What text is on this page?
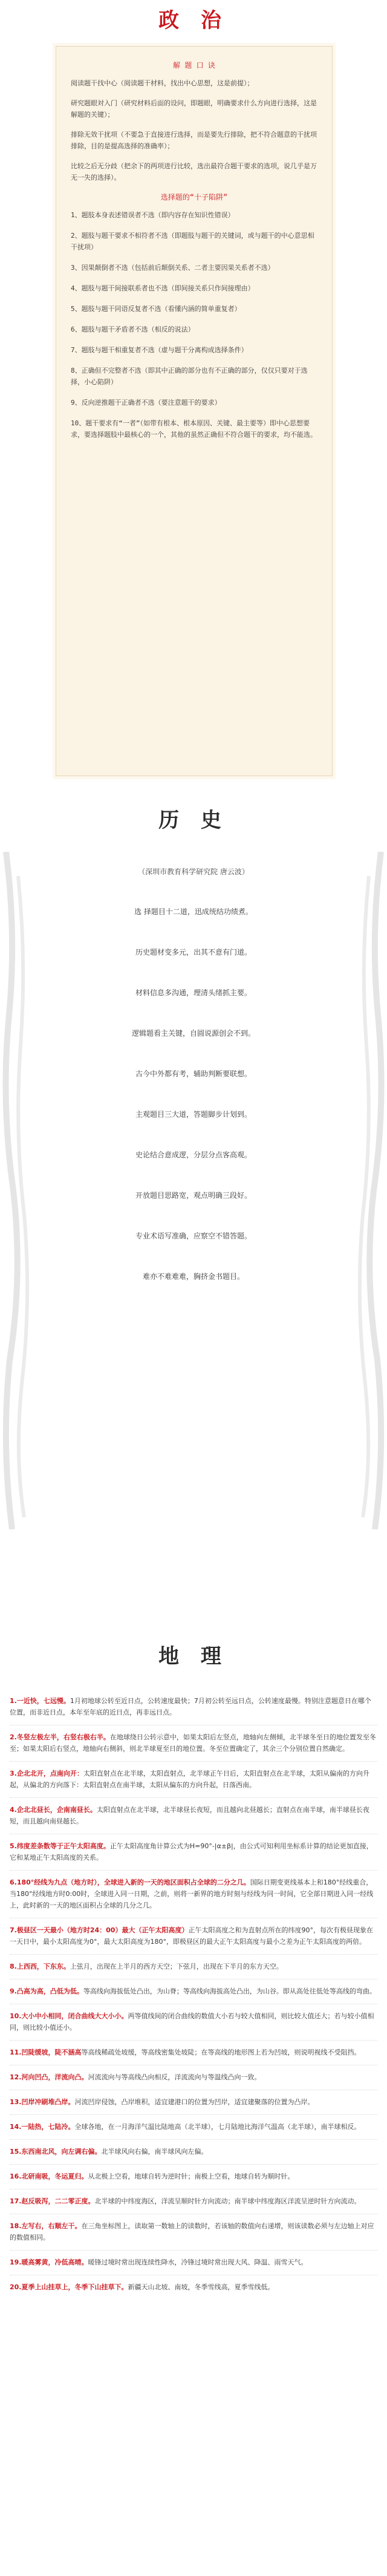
政 治
解 题 口 诀

阅读题干找中心（阅读题干材料，找出中心思想，这是前提）；

研究题眼対入门（研究材料后面的设问，即题眼，明确要求什么方向进行选择，这是解题的关键）；

排除无效干扰项（不要急于直接进行选择，而是要先行排除，把不符合题意的干扰项排除，目的是提高选择的准确率）；

比较之后无分歧（把余下的两项进行比较，选出最符合题干要求的选项，说几乎是万无一失的选择）。

选择题的“十子陷阱”

1、题肢本身表述错误者不选（即内容存在知识性错误）

2、题肢与题干要求不相符者不选（即题肢与题干的关键词，或与题干的中心意思相干扰项）

3、因果颠倒者不选（包括前后颠倒关系、二者主要因果关系者不选）

4、题肢与题干间接联系者也不选（即间接关系只作间接理由）

5、题肢与题干同语反复者不选（看懂内涵的简单重复者）

6、题肢与题干矛盾者不选（相反的说法）

7、题肢与题干相重复者不选（虚与题干分离构成选择条件）

8、正确但不完整者不选（即其中正确的部分也有不正确的部分，仅仅只要对于选择，小心陷阱）

9、反向逆推题干正确者不选（要注意题干的要求）

10、题干要求有“一者”（如带有根本、根本原因、关键、最主要等）即中心思想要求，要选择题肢中最核心的一个，其他的虽然正确但不符合题干的要求，均不能选。

历 史
（深圳市教育科学研究院 唐云波）
选 择题目十二道，迅成统结功绩煮。
历史题材变多元，出其不意有门道。
材料信息多沟通，理清头绪抓主要。
逻辑题看主关键，自圆说源创会不到。
古今中外都有考，辅助判断要联想。
主观题目三大道，答题脚步计划到。
史论结合意成逻，分层分点客高观。
开放题目思路宽，观点明确三段好。
专业术语写准确，应察空不错答题。
难亦不难难难，胸挤金书题目。
地 理
1.一近快，七远慢。1月初地球公转至近日点，公转速度最快；7月初公转至远日点，公转速度最慢。特别注意题意日在哪个位置，而非近日点，本年至年底的近日点，再非远日点。
2.冬竖左极左半，右竖右极右半。在地球绕日公转示意中，如果太阳后左竖点，地轴向左侧倾，北半球冬至日的地位置发至冬至；如果太阳后右竖点，地轴向右侧斜，则北半球夏至日的地位置。冬至位置确定了，其余三个分别位置自然确定。
3.企北北开，点南向开：太阳直射点在北半球，太阳直射点，北半球正午日后，太阳直射点在北半球，太阳从偏南的方向升起，从偏北的方向落下：太阳直射点在南半球，太阳从偏东的方向升起，日落西南。
4.企北北昼长，企南南昼长。太阳直射点在北半球，北半球昼长夜短，而且越向北昼越长；直射点在南半球，南半球昼长夜短，而且越向南昼越长。
5.纬度差条数等于正午太阳高度。正午太阳高度角计算公式为H=90°-|α±β|，由公式可知利用坐标系计算的结论更加直接，它和某地正午太阳高度的关系。
6.180°经线为九点（地方时），全球进入新的一天的地区面积占全球的二分之几。国际日期变更线基本上和180°经线重合，当180°经线地方时0:00时，全球进入同一日期，之前，则将一新界的地方时刻与经线为同一时间，它全部日期进入同一经线上，此时新的一天的地区面积占全球的几分之几。
7.极昼区一天最小（地方时24：00）最大（正午太阳高度）正午太阳高度之和为直射点所在的纬度90°，每次有极昼现象在一天日中，最小太阳高度为0°，最大太阳高度为180°，即极昼区的最大正午太阳高度与最小之差为正午太阳高度的两倍。
8.上西西，下东东。上弦月，出现在上半月的西方天空；下弦月，出现在下半月的东方天空。
9.凸高为高，凸低为低。等高线向海拔低处凸出，为山脊；等高线向海拔高处凸出，为山谷。即从高处往低处等高线的弯曲。
10.大小中小相同，闭合曲线大大小小。两等值线间的闭合曲线的数值大小若与较大值相同，则比较大值还大；若与较小值相同，则比较小值还小。
11.凹陡缓坡，陡不涵高等高线稀疏处坡缓，等高线密集处坡陡；在等高线的地形图上若为凹坡，则说明视线不受阻挡。
12.河向凹凸，洋流向凸。河流流向与等高线凸向相反，洋流流向与等温线凸向一致。
13.凹岸冲刷堆凸岸。河流凹岸侵蚀，凸岸堆积，适宜建港口的位置为凹岸，适宜建聚落的位置为凸岸。
14.一陆热，七陆冷。全球各地，在一月海洋气温比陆地高（北半球），七月陆地比海洋气温高（北半球），南半球相反。
15.东西南北风，向左调右偏。北半球风向右偏，南半球风向左偏。
16.北研南吸，冬运夏归。从北极上空看，地球自转为逆时针；南极上空看，地球自转为顺时针。
17.赵反吸泻，二二零正度。北半球的中纬度海区，洋流呈顺时针方向流动；南半球中纬度海区洋流呈逆时针方向流动。
18.左写右，右顺左干。在三角坐标图上，读取第一数轴上的读数时，若该轴的数值向右递增，则该读数必须与左边轴上对应的数值相同。
19.暖高雾黄，冷低高晴。暖锋过境时常出现连续性降水，冷锋过境时常出现大风、降温、雨雪天气。
20.夏季上山挂草上，冬季下山挂草下。新疆天山北坡、南坡，冬季雪线高，夏季雪线低。
